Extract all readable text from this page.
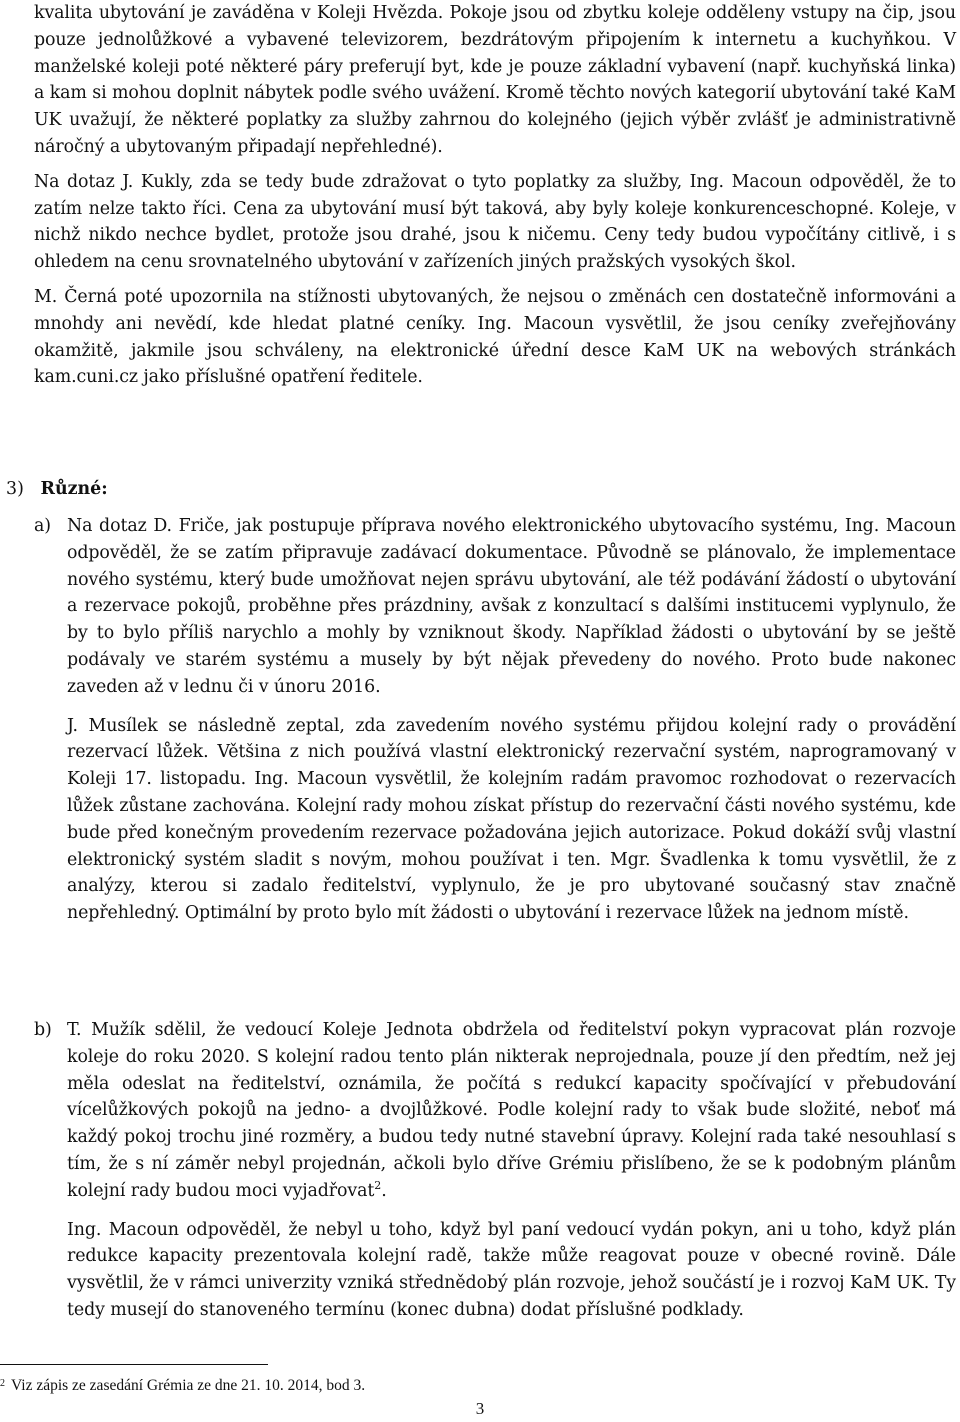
kvalita ubytování je zaváděna v Koleji Hvězda. Pokoje jsou od zbytku koleje odděleny vstupy na čip, jsou pouze jednolůžkové a vybavené televizorem, bezdrátovým připojením k internetu a kuchyňkou. V manželské koleji poté některé páry preferují byt, kde je pouze základní vybavení (např. kuchyňská linka) a kam si mohou doplnit nábytek podle svého uvážení. Kromě těchto nových kategorií ubytování také KaM UK uvažují, že některé poplatky za služby zahrnou do kolejného (jejich výběr zvlášť je administrativně náročný a ubytovaným připadají nepřehledné).

Na dotaz J. Kukly, zda se tedy bude zdražovat o tyto poplatky za služby, Ing. Macoun odpověděl, že to zatím nelze takto říci. Cena za ubytování musí být taková, aby byly koleje konkurenceschopné. Koleje, v nichž nikdo nechce bydlet, protože jsou drahé, jsou k ničemu. Ceny tedy budou vypočítány citlivě, i s ohledem na cenu srovnatelného ubytování v zařízeních jiných pražských vysokých škol.

M. Černá poté upozornila na stížnosti ubytovaných, že nejsou o změnách cen dostatečně informováni a mnohdy ani nevědí, kde hledat platné ceníky. Ing. Macoun vysvětlil, že jsou ceníky zveřejňovány okamžitě, jakmile jsou schváleny, na elektronické úřední desce KaM UK na webových stránkách kam.cuni.cz jako příslušné opatření ředitele.

3) Různé:
a) Na dotaz D. Friče, jak postupuje příprava nového elektronického ubytovacího systému, Ing. Macoun odpověděl, že se zatím připravuje zadávací dokumentace. Původně se plánovalo, že implementace nového systému, který bude umožňovat nejen správu ubytování, ale též podávání žádostí o ubytování a rezervace pokojů, proběhne přes prázdniny, avšak z konzultací s dalšími institucemi vyplynulo, že by to bylo příliš narychlo a mohly by vzniknout škody. Například žádosti o ubytování by se ještě podávaly ve starém systému a musely by být nějak převedeny do nového. Proto bude nakonec zaveden až v lednu či v únoru 2016.

J. Musílek se následně zeptal, zda zavedením nového systému přijdou kolejní rady o provádění rezervací lůžek. Většina z nich používá vlastní elektronický rezervační systém, naprogramovaný v Koleji 17. listopadu. Ing. Macoun vysvětlil, že kolejním radám pravomoc rozhodovat o rezervacích lůžek zůstane zachována. Kolejní rady mohou získat přístup do rezervační části nového systému, kde bude před konečným provedením rezervace požadována jejich autorizace. Pokud dokáží svůj vlastní elektronický systém sladit s novým, mohou používat i ten. Mgr. Švadlenka k tomu vysvětlil, že z analýzy, kterou si zadalo ředitelství, vyplynulo, že je pro ubytované současný stav značně nepřehledný. Optimální by proto bylo mít žádosti o ubytování i rezervace lůžek na jednom místě.

b) T. Mužík sdělil, že vedoucí Koleje Jednota obdržela od ředitelství pokyn vypracovat plán rozvoje koleje do roku 2020. S kolejní radou tento plán nikterak neprojednala, pouze jí den předtím, než jej měla odeslat na ředitelství, oznámila, že počítá s redukcí kapacity spočívající v přebudování vícelůžkových pokojů na jedno- a dvojlůžkové. Podle kolejní rady to však bude složité, neboť má každý pokoj trochu jiné rozměry, a budou tedy nutné stavební úpravy. Kolejní rada také nesouhlasí s tím, že s ní záměr nebyl projednán, ačkoli bylo dříve Grémiu přislíbeno, že se k podobným plánům kolejní rady budou moci vyjadřovat$^2$.

Ing. Macoun odpověděl, že nebyl u toho, když byl paní vedoucí vydán pokyn, ani u toho, když plán redukce kapacity prezentovala kolejní radě, takže může reagovat pouze v obecné rovině. Dále vysvětlil, že v rámci univerzity vzniká střednědobý plán rozvoje, jehož součástí je i rozvoj KaM UK. Ty tedy musejí do stanoveného termínu (konec dubna) dodat příslušné podklady.

$^2$ Viz zápis ze zasedání Grémia ze dne 21. 10. 2014, bod 3.
3
